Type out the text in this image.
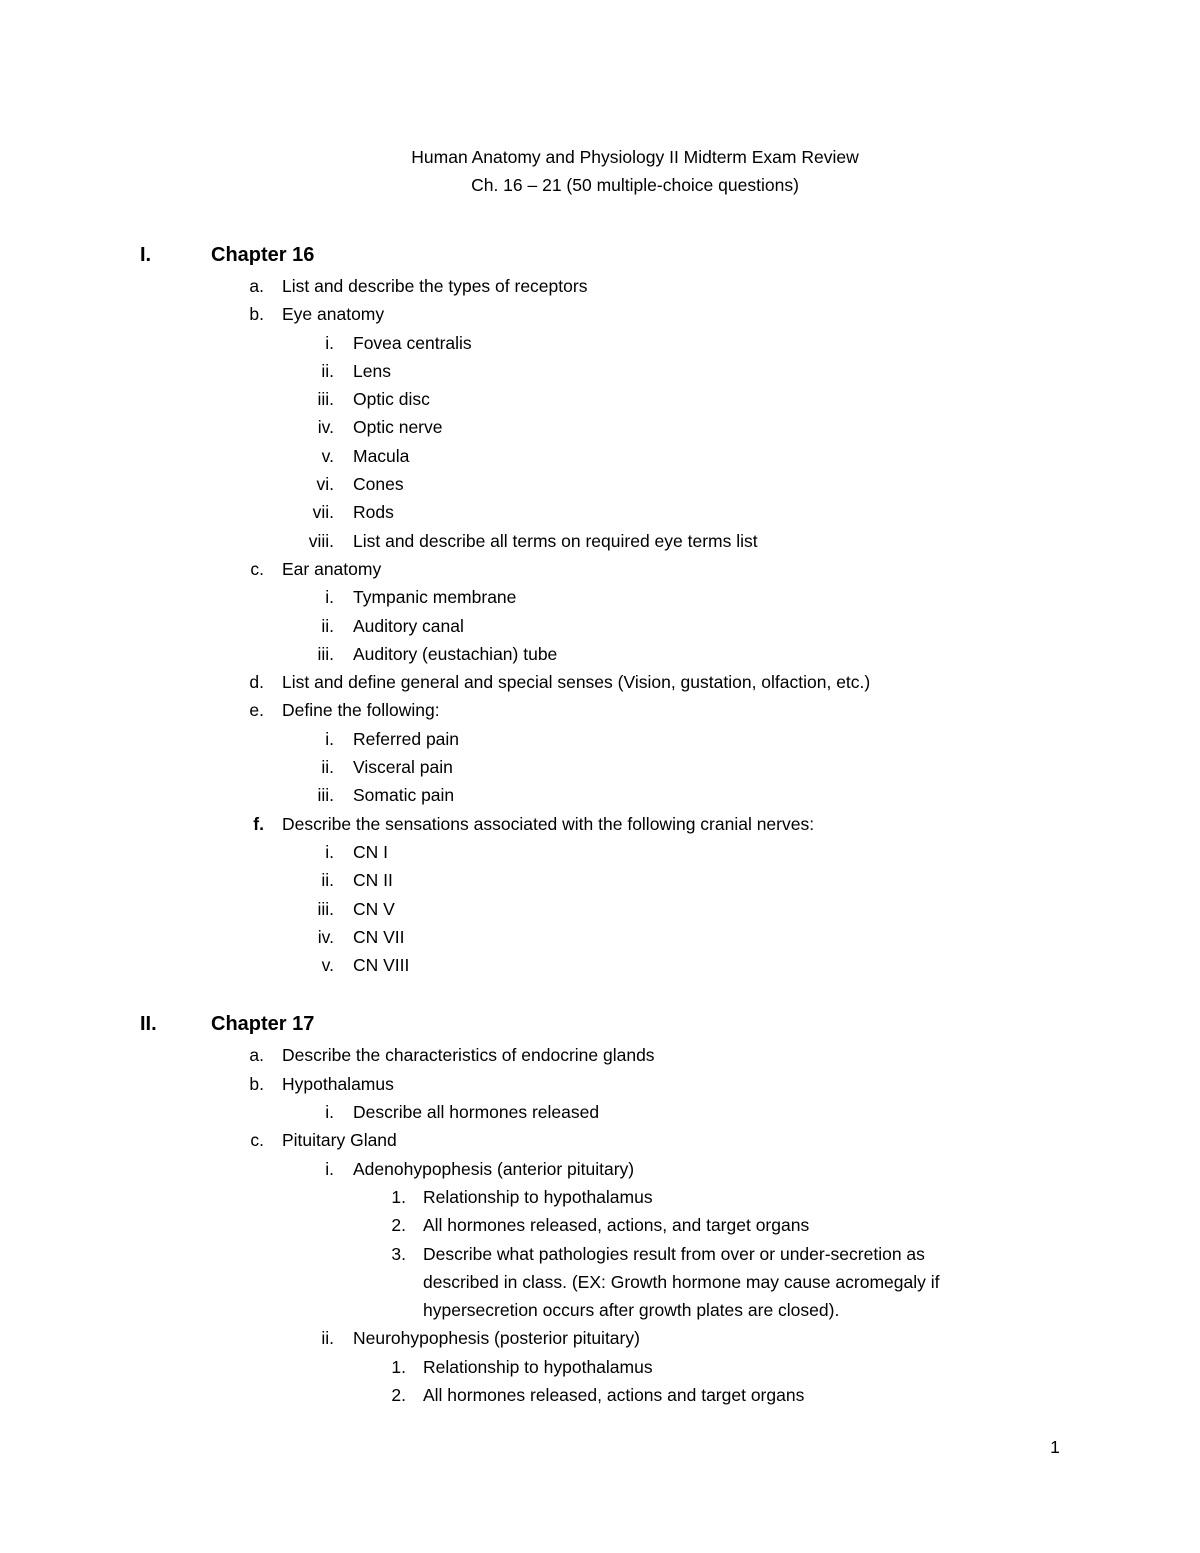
Human Anatomy and Physiology II Midterm Exam Review
Ch. 16 – 21 (50 multiple-choice questions)
I.	Chapter 16
a. List and describe the types of receptors
b. Eye anatomy
i. Fovea centralis
ii. Lens
iii. Optic disc
iv. Optic nerve
v. Macula
vi. Cones
vii. Rods
viii. List and describe all terms on required eye terms list
c. Ear anatomy
i. Tympanic membrane
ii. Auditory canal
iii. Auditory (eustachian) tube
d. List and define general and special senses (Vision, gustation, olfaction, etc.)
e. Define the following:
i. Referred pain
ii. Visceral pain
iii. Somatic pain
f. Describe the sensations associated with the following cranial nerves:
i. CN I
ii. CN II
iii. CN V
iv. CN VII
v. CN VIII
II.	Chapter 17
a. Describe the characteristics of endocrine glands
b. Hypothalamus
i. Describe all hormones released
c. Pituitary Gland
i. Adenohypophesis (anterior pituitary)
1. Relationship to hypothalamus
2. All hormones released, actions, and target organs
3. Describe what pathologies result from over or under-secretion as
described in class. (EX: Growth hormone may cause acromegaly if
hypersecretion occurs after growth plates are closed).
ii. Neurohypophesis (posterior pituitary)
1. Relationship to hypothalamus
2. All hormones released, actions and target organs
1
